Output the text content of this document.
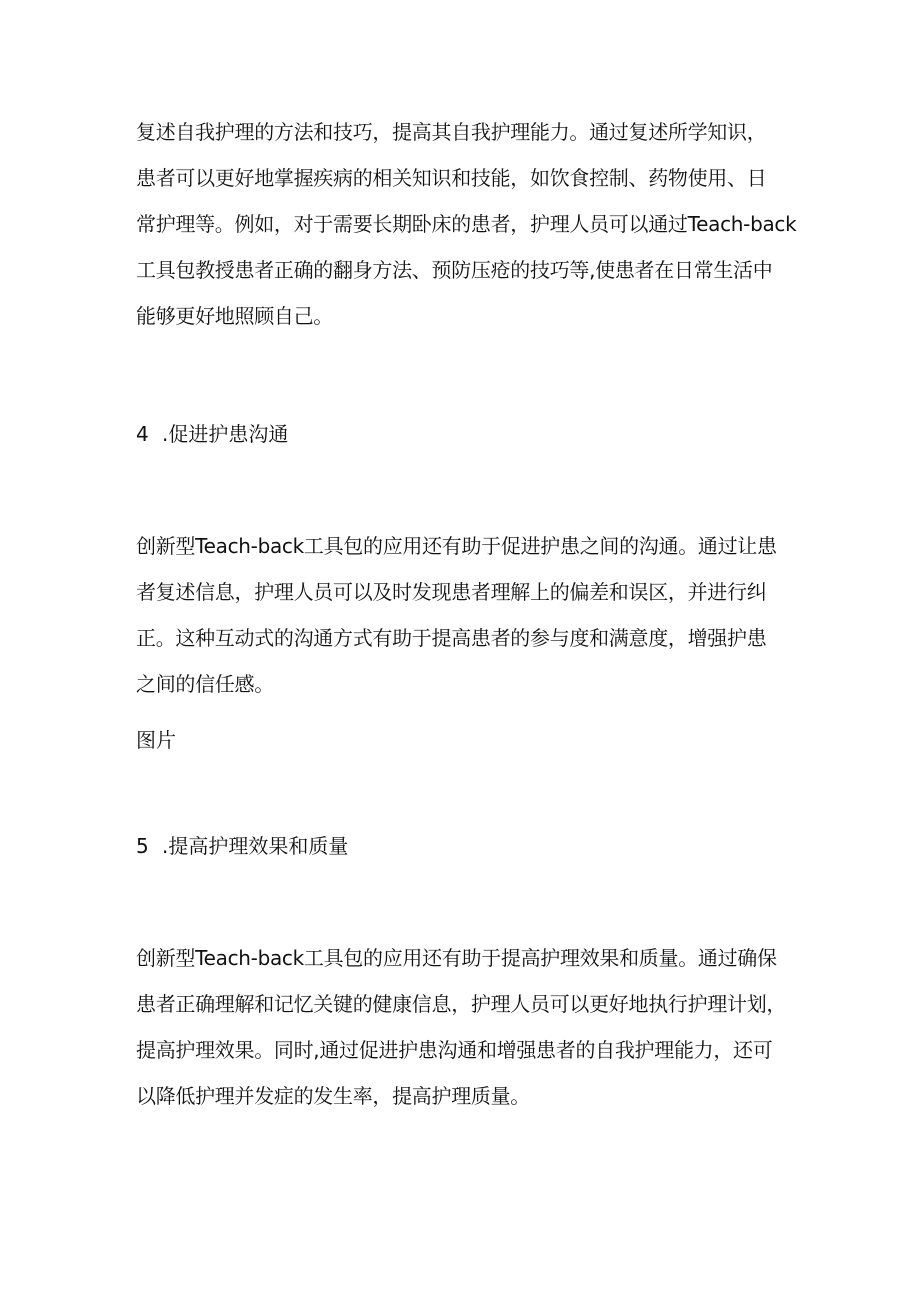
复述自我护理的方法和技巧，提高其自我护理能力。通过复述所学知识，
患者可以更好地掌握疾病的相关知识和技能，如饮食控制、药物使用、日
常护理等。例如，对于需要长期卧床的患者，护理人员可以通过Teach-back
工具包教授患者正确的翻身方法、预防压疮的技巧等,使患者在日常生活中
能够更好地照顾自己。
4 .促进护患沟通
创新型Teach-back工具包的应用还有助于促进护患之间的沟通。通过让患
者复述信息，护理人员可以及时发现患者理解上的偏差和误区，并进行纠
正。这种互动式的沟通方式有助于提高患者的参与度和满意度，增强护患
之间的信任感。
图片
5 .提高护理效果和质量
创新型Teach-back工具包的应用还有助于提高护理效果和质量。通过确保
患者正确理解和记忆关键的健康信息，护理人员可以更好地执行护理计划，
提高护理效果。同时,通过促进护患沟通和增强患者的自我护理能力，还可
以降低护理并发症的发生率，提高护理质量。
